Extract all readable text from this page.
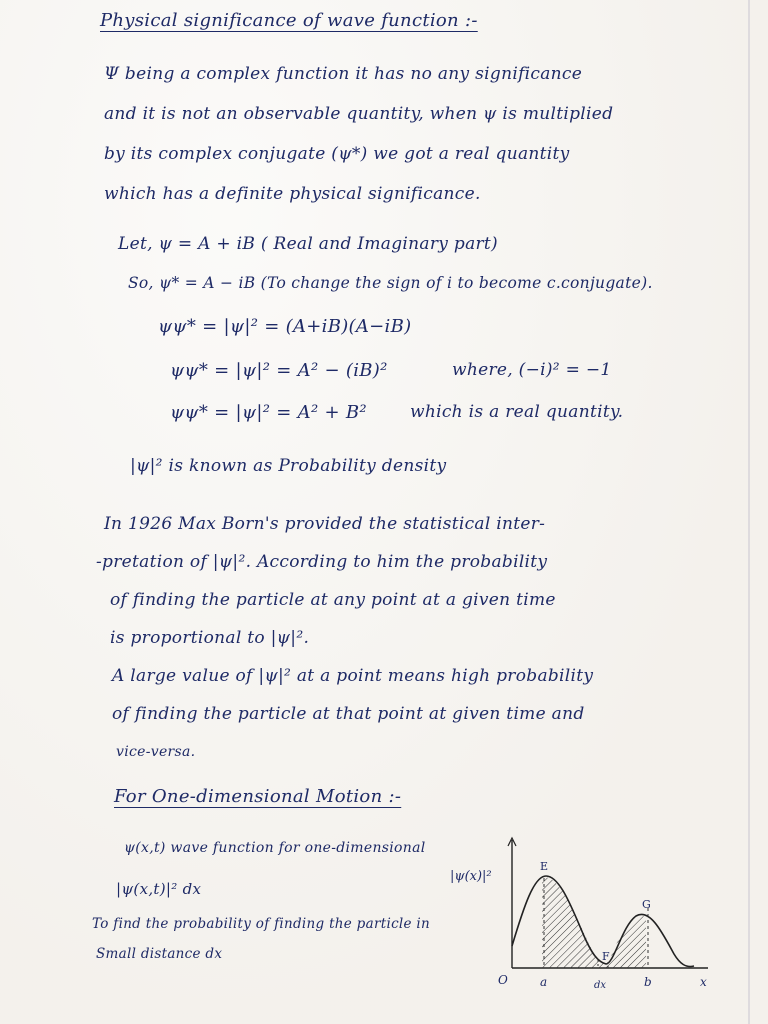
Physical significance of wave function :-
Ψ being a complex function it has no any significance
and it is not an observable quantity, when ψ is multiplied
by its complex conjugate (ψ*) we got a real quantity
which has a definite physical significance.
Let, ψ = A + iB ( Real and Imaginary part)
So, ψ* = A − iB (To change the sign of i to become c.conjugate).
ψψ* = |ψ|² = (A+iB)(A−iB)
ψψ* = |ψ|² = A² − (iB)²	where, (−i)² = −1
ψψ* = |ψ|² = A² + B²	which is a real quantity.
|ψ|² is known as Probability density
In 1926 Max Born's provided the statistical inter-
-pretation of |ψ|². According to him the probability
of finding the particle at any point at a given time
is proportional to |ψ|².
A large value of |ψ|² at a point means high probability
of finding the particle at that point at given time and
vice-versa.
For One-dimensional Motion :-
ψ(x,t) wave function for one-dimensional
|ψ(x,t)|² dx
To find the probability of finding the particle in
Small distance dx
|ψ(x)|²
O	a	b	x
dx
E
F
G
